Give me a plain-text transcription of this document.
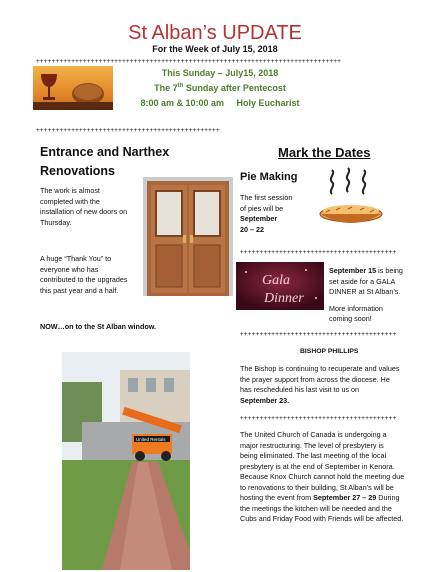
St Alban’s UPDATE
For the Week of July 15, 2018
++++++++++++++++++++++++++++++++++++++++++++++++++++++++++++++++++++++++++++++
This Sunday – July15, 2018
The 7th Sunday after Pentecost
8:00 am & 10:00 am     Holy Eucharist
+++++++++++++++++++++++++++++++++++++++++++++++
Entrance and Narthex
Renovations
The work is almost
completed with the
installation of new doors on
Thursday.
A huge “Thank You” to
everyone who has
contributed to the upgrades
this past year and a half.
NOW…on to the St Alban window.
United Rentals
Mark the Dates
Pie Making
The first session
of pies will be
September
20 – 22
++++++++++++++++++++++++++++++++++++++++
Gala
Dinner
September 15 is being
set aside for a GALA
DINNER at St Alban’s.
More information
coming soon!
++++++++++++++++++++++++++++++++++++++++
BISHOP PHILLIPS
The Bishop is continuing to recuperate and values
the prayer support from across the diocese. He
has rescheduled his last visit to us on
September 23.
++++++++++++++++++++++++++++++++++++++++
The United Church of Canada is undergoing a
major restructuring. The level of presbytery is
being eliminated. The last meeting of the local
presbytery is at the end of September in Kenora.
Because Knox Church cannot hold the meeting due
to renovations to their building, St Alban’s will be
hosting the event from September 27 – 29 During
the meetings the kitchen will be needed and the
Cubs and Friday Food with Friends will be affected.
